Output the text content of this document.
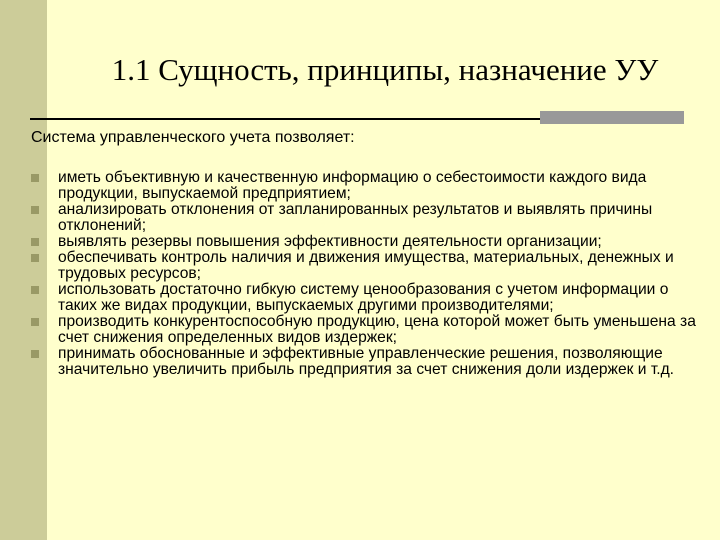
1.1 Сущность, принципы, назначение УУ
Система управленческого учета позволяет:
иметь объективную и качественную информацию о себестоимости каждого вида продукции, выпускаемой предприятием;
анализировать отклонения от запланированных результатов и выявлять причины отклонений;
выявлять резервы повышения эффективности деятельности организации;
обеспечивать контроль наличия и движения имущества, материальных, денежных и трудовых ресурсов;
использовать достаточно гибкую систему ценообразования с учетом информации о таких же видах продукции, выпускаемых другими производителями;
производить конкурентоспособную продукцию, цена которой может быть уменьшена за счет снижения определенных видов издержек;
принимать обоснованные и эффективные управленческие решения, позволяющие значительно увеличить прибыль предприятия за счет снижения доли издержек и т.д.
